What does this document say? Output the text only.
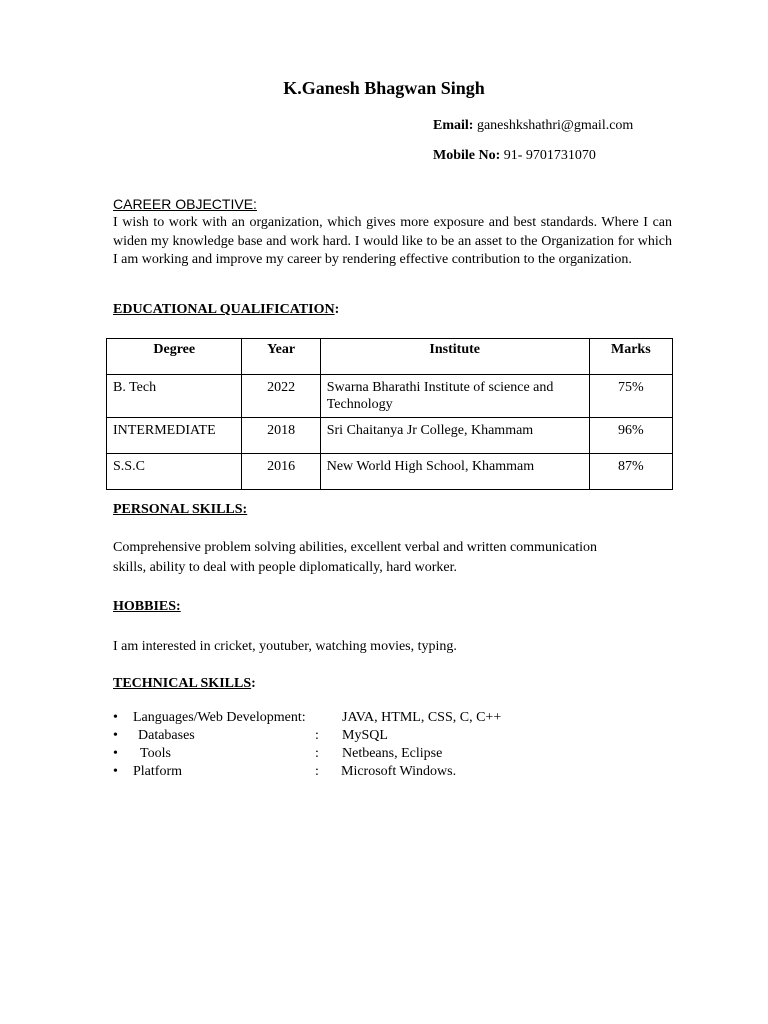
K.Ganesh Bhagwan Singh
Email: ganeshkshathri@gmail.com
Mobile No: 91- 9701731070
CAREER OBJECTIVE:
I wish to work with an organization, which gives more exposure and best standards. Where I can widen my knowledge base and work hard. I would like to be an asset to the Organization for which I am working and improve my career by rendering effective contribution to the organization.
EDUCATIONAL QUALIFICATION:
Degree	Year	Institute	Marks
B. Tech	2022	Swarna Bharathi Institute of science and Technology	75%
INTERMEDIATE	2018	Sri Chaitanya Jr College, Khammam	96%
S.S.C	2016	New World High School, Khammam	87%
PERSONAL SKILLS:
Comprehensive problem solving abilities, excellent verbal and written communication
skills, ability to deal with people diplomatically, hard worker.
HOBBIES:
I am interested in cricket, youtuber, watching movies, typing.
TECHNICAL SKILLS:
• Languages/Web Development:	JAVA, HTML, CSS, C, C++
• Databases	: MySQL
• Tools	: Netbeans, Eclipse
• Platform	: Microsoft Windows.
